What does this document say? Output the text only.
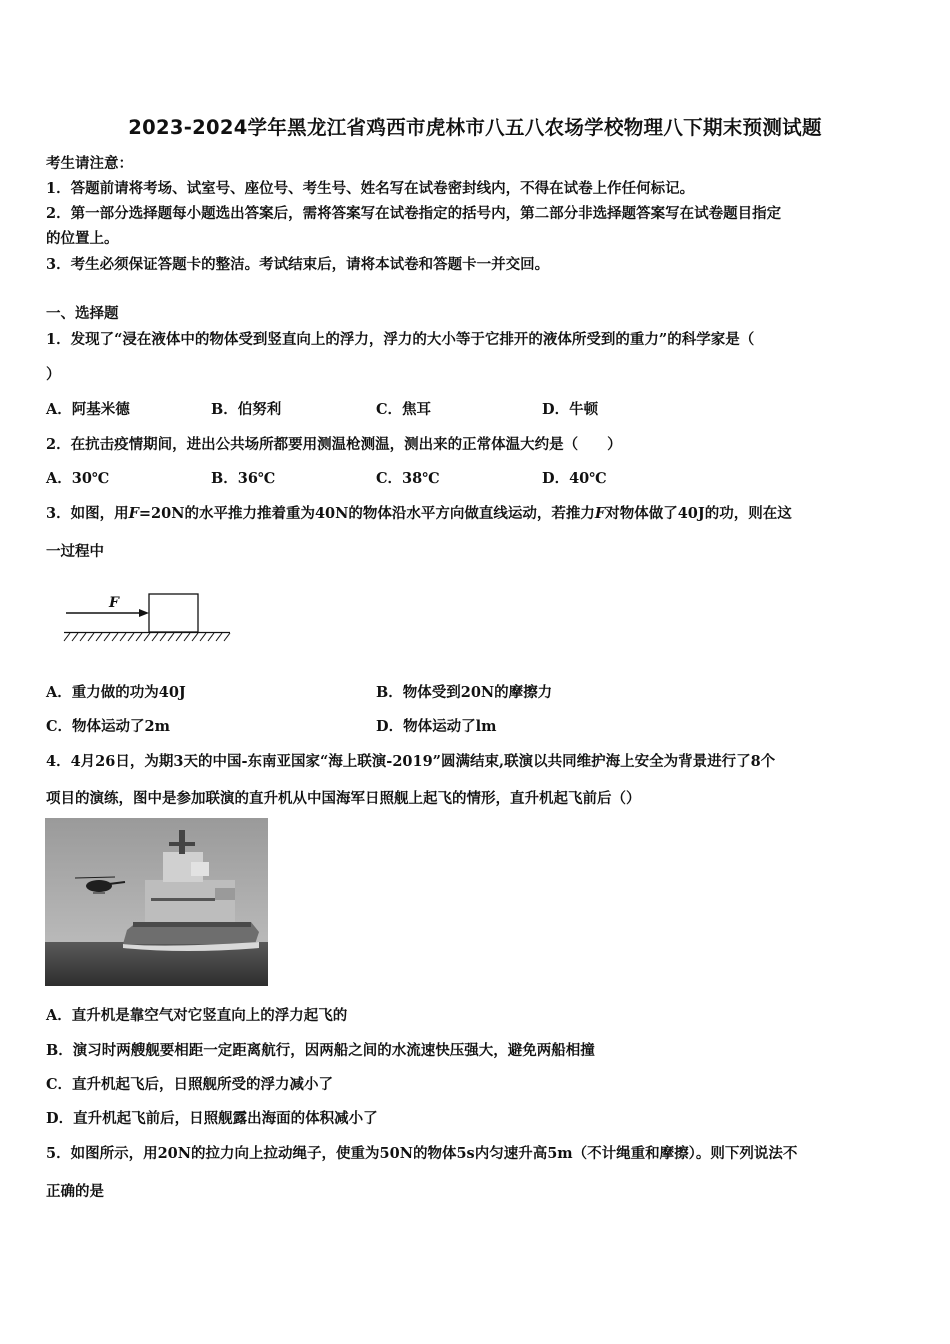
2023-2024学年黑龙江省鸡西市虎林市八五八农场学校物理八下期末预测试题
考生请注意：
1．答题前请将考场、试室号、座位号、考生号、姓名写在试卷密封线内，不得在试卷上作任何标记。
2．第一部分选择题每小题选出答案后，需将答案写在试卷指定的括号内，第二部分非选择题答案写在试卷题目指定
的位置上。
3．考生必须保证答题卡的整洁。考试结束后，请将本试卷和答题卡一并交回。
一、选择题
1．发现了“浸在液体中的物体受到竖直向上的浮力，浮力的大小等于它排开的液体所受到的重力”的科学家是（
）
A．阿基米德	B．伯努利	C．焦耳	D．牛顿
2．在抗击疫情期间，进出公共场所都要用测温枪测温，测出来的正常体温大约是（　　）
A．30℃	B．36℃	C．38℃	D．40℃
3．如图，用F=20N的水平推力推着重为40N的物体沿水平方向做直线运动，若推力F对物体做了40J的功，则在这
一过程中
F
A．重力做的功为40J	B．物体受到20N的摩擦力
C．物体运动了2m	D．物体运动了lm
4．4月26日，为期3天的中国-东南亚国家“海上联演-2019”圆满结束,联演以共同维护海上安全为背景进行了8个
项目的演练，图中是参加联演的直升机从中国海军日照舰上起飞的情形，直升机起飞前后（）
A．直升机是靠空气对它竖直向上的浮力起飞的
B．演习时两艘舰要相距一定距离航行，因两船之间的水流速快压强大，避免两船相撞
C．直升机起飞后，日照舰所受的浮力减小了
D．直升机起飞前后，日照舰露出海面的体积减小了
5．如图所示，用20N的拉力向上拉动绳子，使重为50N的物体5s内匀速升高5m（不计绳重和摩擦）。则下列说法不
正确的是
